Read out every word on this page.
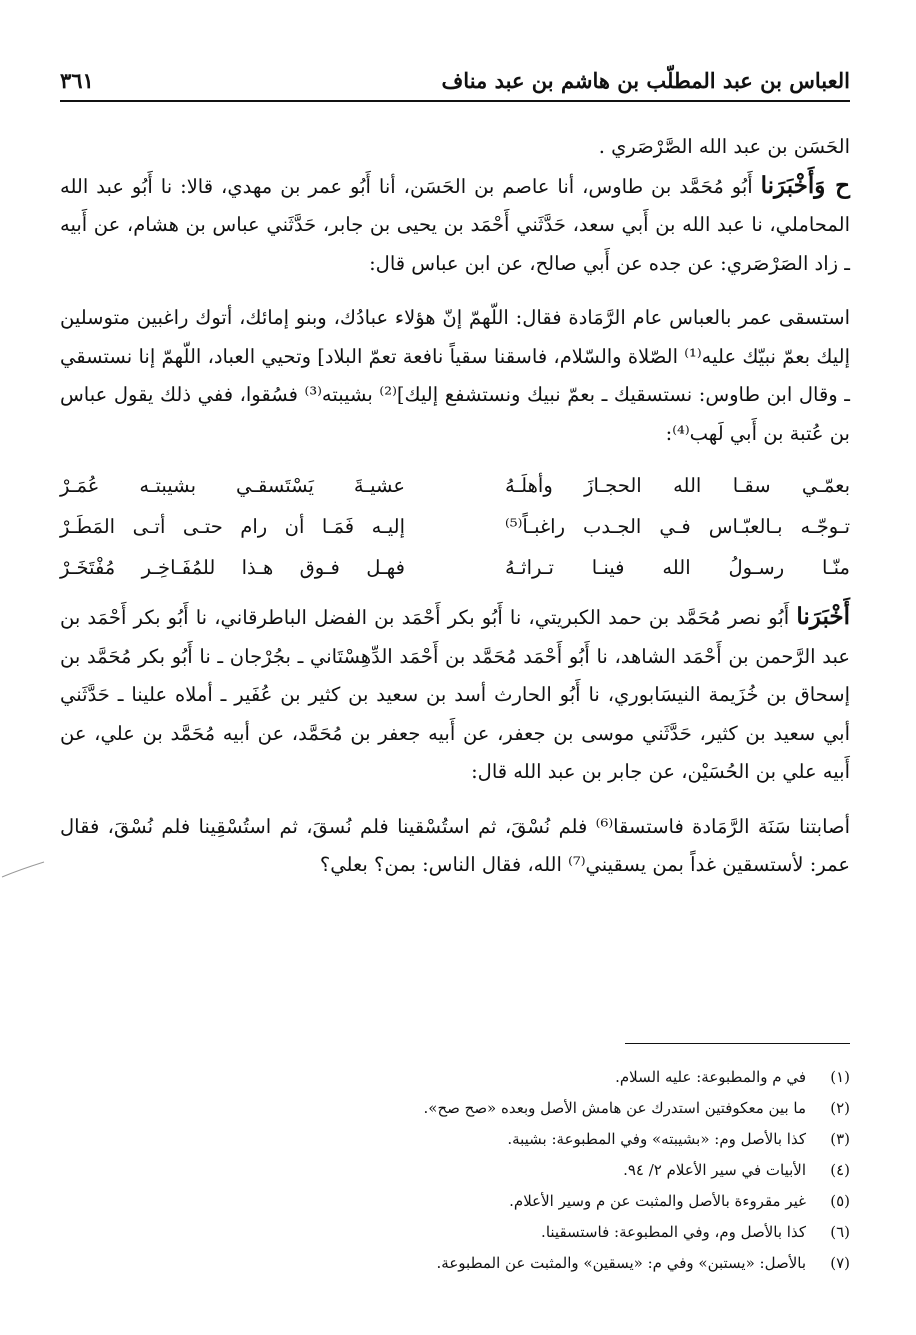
العباس بن عبد المطلّب بن هاشم بن عبد مناف
٣٦١

الحَسَن بن عبد الله الصَّرْصَري .

ح وَأَخْبَرَنا أَبُو مُحَمَّد بن طاوس، أنا عاصم بن الحَسَن، أنا أَبُو عمر بن مهدي، قالا: نا أَبُو عبد الله المحاملي، نا عبد الله بن أَبي سعد، حَدَّثَني أَحْمَد بن يحيى بن جابر، حَدَّثَني عباس بن هشام، عن أَبيه ـ زاد الصَرْصَري: عن جده عن أَبي صالح، عن ابن عباس قال:

استسقى عمر بالعباس عام الرَّمَادة فقال: اللّهمّ إنّ هؤلاء عبادُك، وبنو إمائك، أتوك راغبين متوسلين إليك بعمّ نبيّك عليه⁽¹⁾ الصّلاة والسّلام، فاسقنا سقياً نافعة تعمّ البلاد] وتحيي العباد، اللّهمّ إنا نستسقي ـ وقال ابن طاوس: نستسقيك ـ بعمّ نبيك ونستشفع إليك]⁽²⁾ بشيبته⁽³⁾ فسُقوا، ففي ذلك يقول عباس بن عُتبة بن أَبي لَهب⁽⁴⁾:

بعمّـي سقـا الله الحجـازَ وأهلَـهُ
عشيـةَ يَسْتَسقـي بشيبتـه عُمَـرْ
تـوجّـه بـالعبّـاس فـي الجـدب راغبـاً⁽⁵⁾
إليـه فَمَـا أن رام حتـى أتـى المَطَـرْ
منّـا رسـولُ الله فينـا تـراثـهُ
فهـل فـوق هـذا للمُفَـاخِـر مُفْتَخَـرْ

أَخْبَرَنا أَبُو نصر مُحَمَّد بن حمد الكبريتي، نا أَبُو بكر أَحْمَد بن الفضل الباطرقاني، نا أَبُو بكر أَحْمَد بن عبد الرَّحمن بن أَحْمَد الشاهد، نا أَبُو أَحْمَد مُحَمَّد بن أَحْمَد الدِّهِسْتَاني ـ بجُرْجان ـ نا أَبُو بكر مُحَمَّد بن إسحاق بن خُزَيمة النيسَابوري، نا أَبُو الحارث أسد بن سعيد بن كثير بن عُفَير ـ أملاه علينا ـ حَدَّثَني أبي سعيد بن كثير، حَدَّثَني موسى بن جعفر، عن أَبيه جعفر بن مُحَمَّد، عن أبيه مُحَمَّد بن علي، عن أَبيه علي بن الحُسَيْن، عن جابر بن عبد الله قال:

أصابتنا سَنَة الرَّمَادة فاستسقا⁽⁶⁾ فلم نُسْقَ، ثم استُسْقينا فلم نُسقَ، ثم استُسْقِينا فلم نُسْقَ، فقال عمر: لأستسقين غداً بمن يسقيني⁽⁷⁾ الله، فقال الناس: بمن؟ بعلي؟

(١)
في م والمطبوعة: عليه السلام.
(٢)
ما بين معكوفتين استدرك عن هامش الأصل وبعده «صح صح».
(٣)
كذا بالأصل وم: «بشيبته» وفي المطبوعة: بشيبة.
(٤)
الأبيات في سير الأعلام ٢/ ٩٤.
(٥)
غير مقروءة بالأصل والمثبت عن م وسير الأعلام.
(٦)
كذا بالأصل وم، وفي المطبوعة: فاستسقينا.
(٧)
بالأصل: «يستبن» وفي م: «يسقين» والمثبت عن المطبوعة.
